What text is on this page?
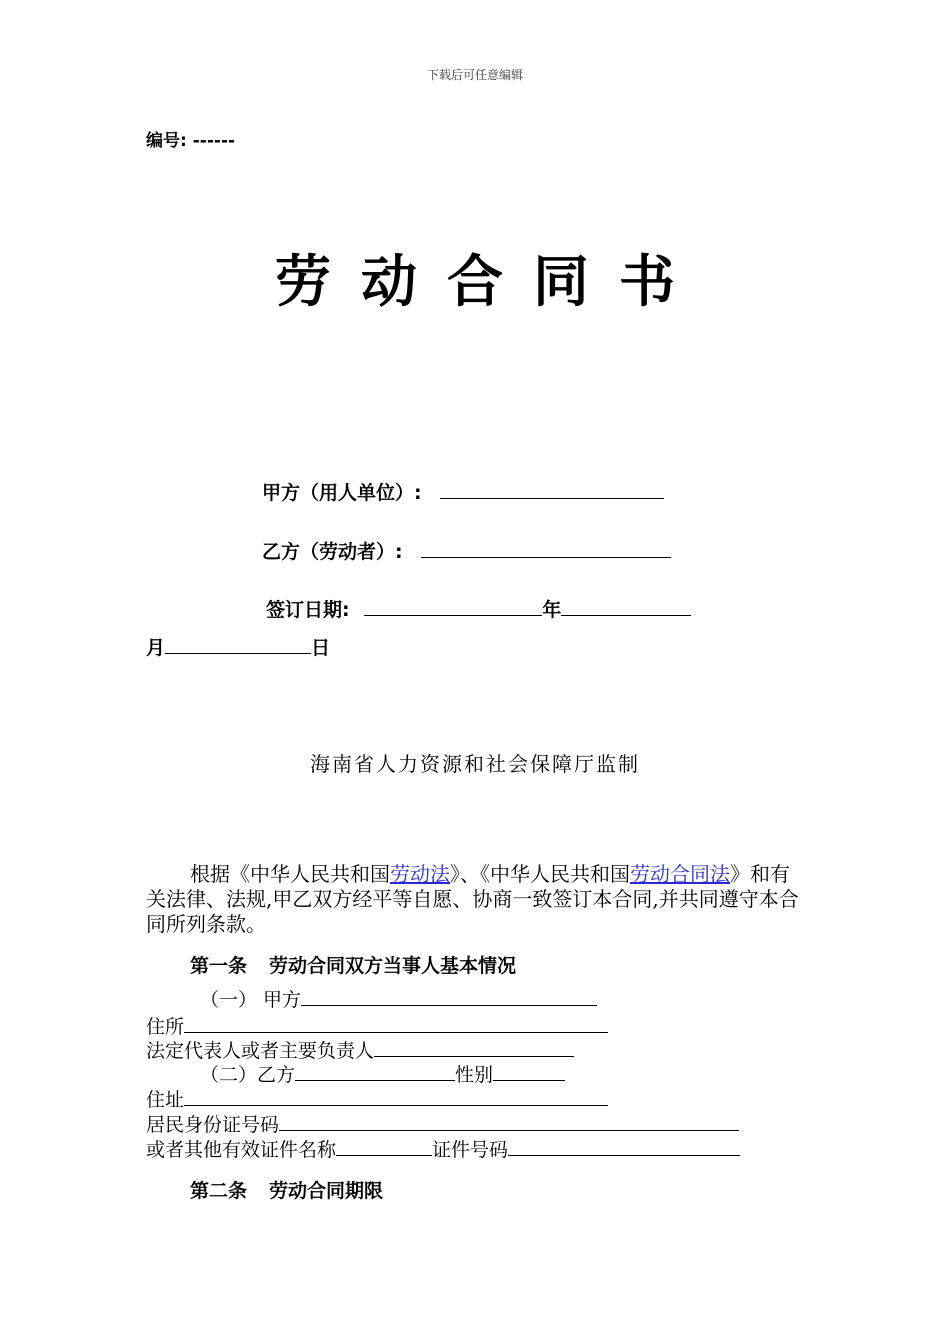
下载后可任意编辑
编号: ------
劳动合同书
甲方（用人单位）:
乙方（劳动者）:
签订日期:	年
月	日
海南省人力资源和社会保障厅监制
根据《中华人民共和国劳动法》、《中华人民共和国劳动合同法》和有关法律、法规,甲乙双方经平等自愿、协商一致签订本合同,并共同遵守本合同所列条款。
第一条 劳动合同双方当事人基本情况
（一） 甲方
住所
法定代表人或者主要负责人
（二）乙方	性别
住址
居民身份证号码
或者其他有效证件名称	证件号码
第二条 劳动合同期限
